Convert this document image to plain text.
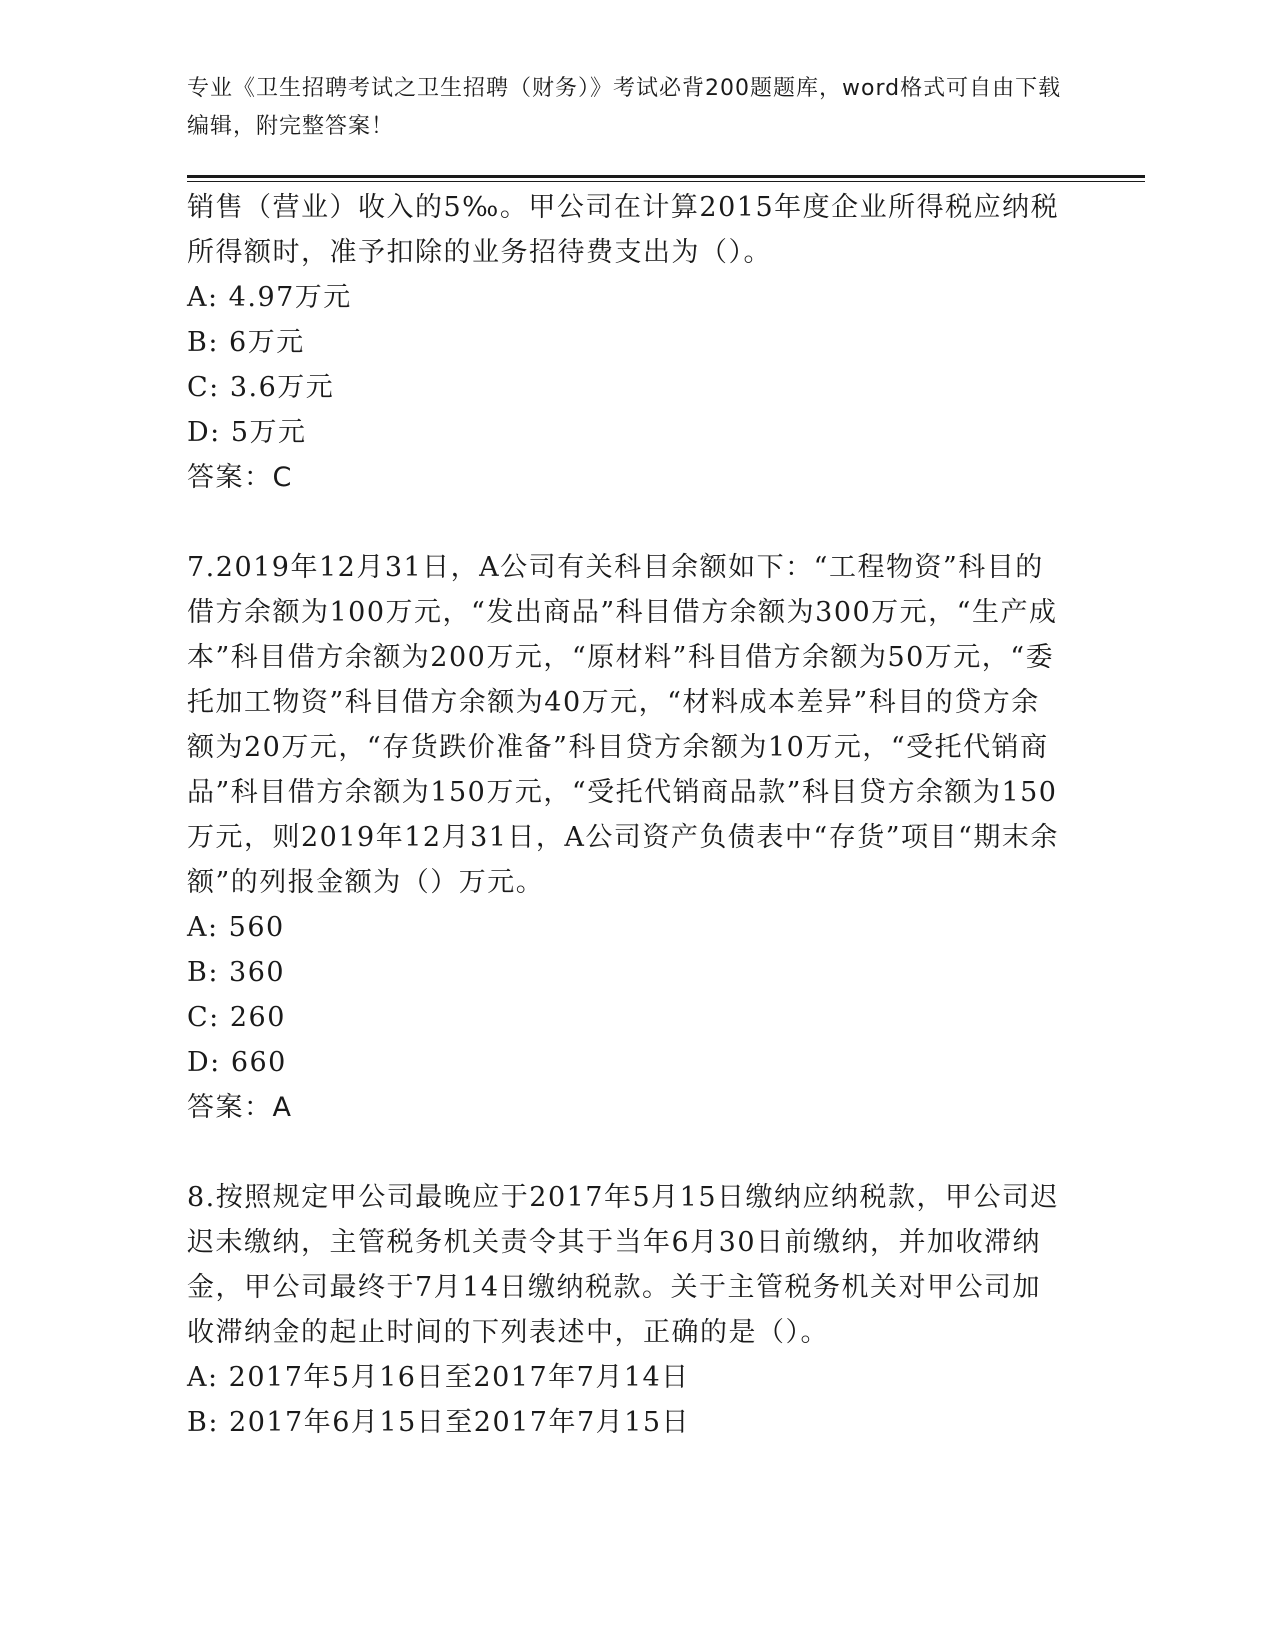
专业《卫生招聘考试之卫生招聘（财务）》考试必背200题题库，word格式可自由下载编辑，附完整答案！

销售（营业）收入的5‰。甲公司在计算2015年度企业所得税应纳税所得额时，准予扣除的业务招待费支出为（）。

A: 4.97万元

B: 6万元

C: 3.6万元

D: 5万元

答案：C

7.2019年12月31日，A公司有关科目余额如下：“工程物资”科目的借方余额为100万元，“发出商品”科目借方余额为300万元，“生产成本”科目借方余额为200万元，“原材料”科目借方余额为50万元，“委托加工物资”科目借方余额为40万元，“材料成本差异”科目的贷方余额为20万元，“存货跌价准备”科目贷方余额为10万元，“受托代销商品”科目借方余额为150万元，“受托代销商品款”科目贷方余额为150万元，则2019年12月31日，A公司资产负债表中“存货”项目“期末余额”的列报金额为（）万元。

A: 560

B: 360

C: 260

D: 660

答案：A

8.按照规定甲公司最晚应于2017年5月15日缴纳应纳税款，甲公司迟迟未缴纳，主管税务机关责令其于当年6月30日前缴纳，并加收滞纳金，甲公司最终于7月14日缴纳税款。关于主管税务机关对甲公司加收滞纳金的起止时间的下列表述中，正确的是（）。

A: 2017年5月16日至2017年7月14日

B: 2017年6月15日至2017年7月15日
